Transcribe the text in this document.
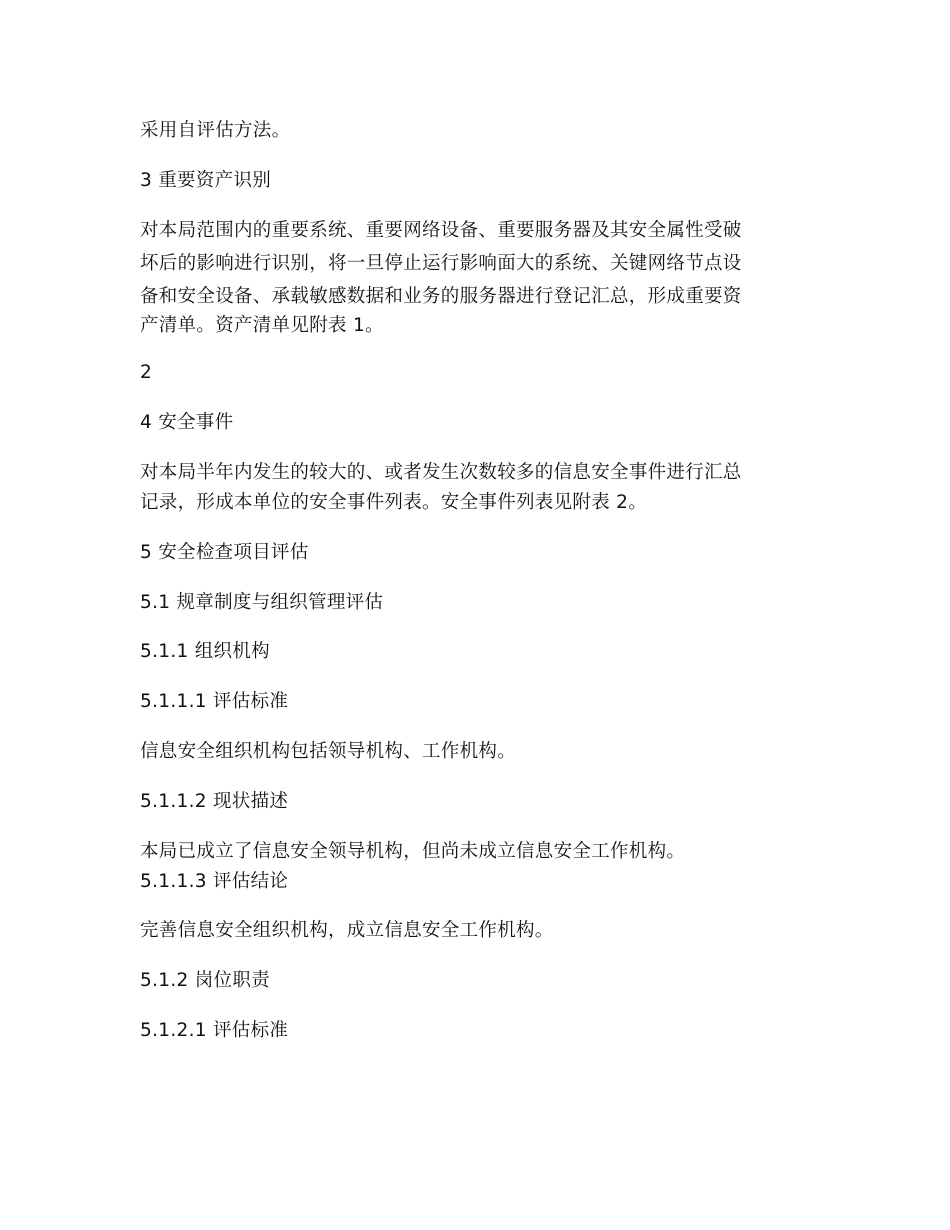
采用自评估方法。
3 重要资产识别
对本局范围内的重要系统、重要网络设备、重要服务器及其安全属性受破
坏后的影响进行识别，将一旦停止运行影响面大的系统、关键网络节点设
备和安全设备、承载敏感数据和业务的服务器进行登记汇总，形成重要资
产清单。资产清单见附表 1。
2
4 安全事件
对本局半年内发生的较大的、或者发生次数较多的信息安全事件进行汇总
记录，形成本单位的安全事件列表。安全事件列表见附表 2。
5 安全检查项目评估
5.1 规章制度与组织管理评估
5.1.1 组织机构
5.1.1.1 评估标准
信息安全组织机构包括领导机构、工作机构。
5.1.1.2 现状描述
本局已成立了信息安全领导机构，但尚未成立信息安全工作机构。
5.1.1.3 评估结论
完善信息安全组织机构，成立信息安全工作机构。
5.1.2 岗位职责
5.1.2.1 评估标准
